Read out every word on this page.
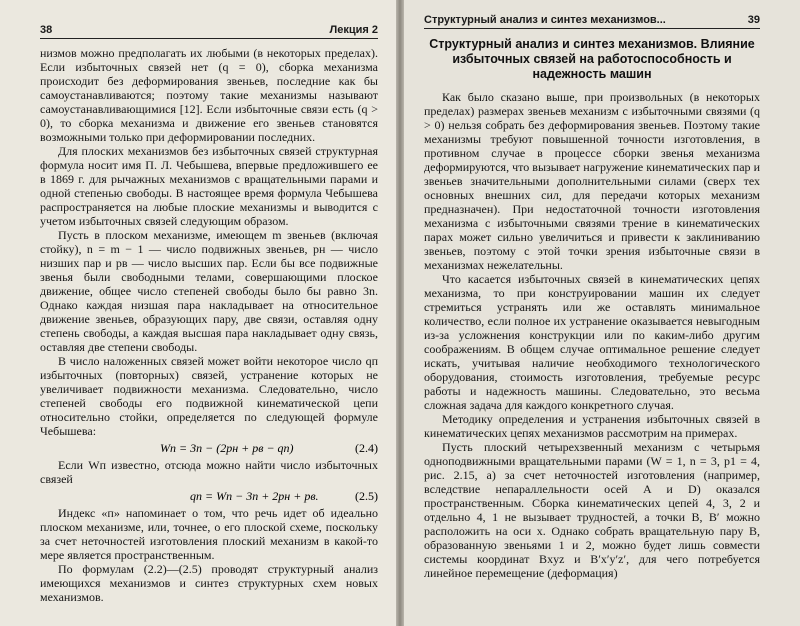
38	Лекция 2

низмов можно предполагать их любыми (в некоторых пределах). Если избыточных связей нет (q = 0), сборка механизма происходит без деформирования звеньев, последние как бы самоустанавливаются; поэтому такие механизмы называют самоустанавливающимися [12]. Если избыточные связи есть (q > 0), то сборка механизма и движение его звеньев становятся возможными только при деформировании последних.

Для плоских механизмов без избыточных связей структурная формула носит имя П. Л. Чебышева, впервые предложившего ее в 1869 г. для рычажных механизмов с вращательными парами и одной степенью свободы. В настоящее время формула Чебышева распространяется на любые плоские механизмы и выводится с учетом избыточных связей следующим образом.

Пусть в плоском механизме, имеющем m звеньев (включая стойку), n = m − 1 — число подвижных звеньев, pн — число низших пар и pв — число высших пар. Если бы все подвижные звенья были свободными телами, совершающими плоское движение, общее число степеней свободы было бы равно 3n. Однако каждая низшая пара накладывает на относительное движение звеньев, образующих пару, две связи, оставляя одну степень свободы, а каждая высшая пара накладывает одну связь, оставляя две степени свободы.

В число наложенных связей может войти некоторое число qп избыточных (повторных) связей, устранение которых не увеличивает подвижности механизма. Следовательно, число степеней свободы его подвижной кинематической цепи относительно стойки, определяется по следующей формуле Чебышева:

Wп = 3n − (2pн + pв − qп)	(2.4)

Если Wп известно, отсюда можно найти число избыточных связей

qп = Wп − 3n + 2pн + pв.	(2.5)

Индекс «п» напоминает о том, что речь идет об идеально плоском механизме, или, точнее, о его плоской схеме, поскольку за счет неточностей изготовления плоский механизм в какой-то мере является пространственным.

По формулам (2.2)—(2.5) проводят структурный анализ имеющихся механизмов и синтез структурных схем новых механизмов.

Структурный анализ и синтез механизмов...	39
Структурный анализ и синтез механизмов. Влияние избыточных связей на работоспособность и надежность машин

Как было сказано выше, при произвольных (в некоторых пределах) размерах звеньев механизм с избыточными связями (q > 0) нельзя собрать без деформирования звеньев. Поэтому такие механизмы требуют повышенной точности изготовления, в противном случае в процессе сборки звенья механизма деформируются, что вызывает нагружение кинематических пар и звеньев значительными дополнительными силами (сверх тех основных внешних сил, для передачи которых механизм предназначен). При недостаточной точности изготовления механизма с избыточными связями трение в кинематических парах может сильно увеличиться и привести к заклиниванию звеньев, поэтому с этой точки зрения избыточные связи в механизмах нежелательны.

Что касается избыточных связей в кинематических цепях механизма, то при конструировании машин их следует стремиться устранять или же оставлять минимальное количество, если полное их устранение оказывается невыгодным из-за усложнения конструкции или по каким-либо другим соображениям. В общем случае оптимальное решение следует искать, учитывая наличие необходимого технологического оборудования, стоимость изготовления, требуемые ресурс работы и надежность машины. Следовательно, это весьма сложная задача для каждого конкретного случая.

Методику определения и устранения избыточных связей в кинематических цепях механизмов рассмотрим на примерах.

Пусть плоский четырехзвенный механизм с четырьмя одноподвижными вращательными парами (W = 1, n = 3, p1 = 4, рис. 2.15, а) за счет неточностей изготовления (например, вследствие непараллельности осей A и D) оказался пространственным. Сборка кинематических цепей 4, 3, 2 и отдельно 4, 1 не вызывает трудностей, а точки B, B′ можно расположить на оси x. Однако собрать вращательную пару B, образованную звеньями 1 и 2, можно будет лишь совмести системы координат Bxyz и B′x′y′z′, для чего потребуется линейное перемещение (деформация)
